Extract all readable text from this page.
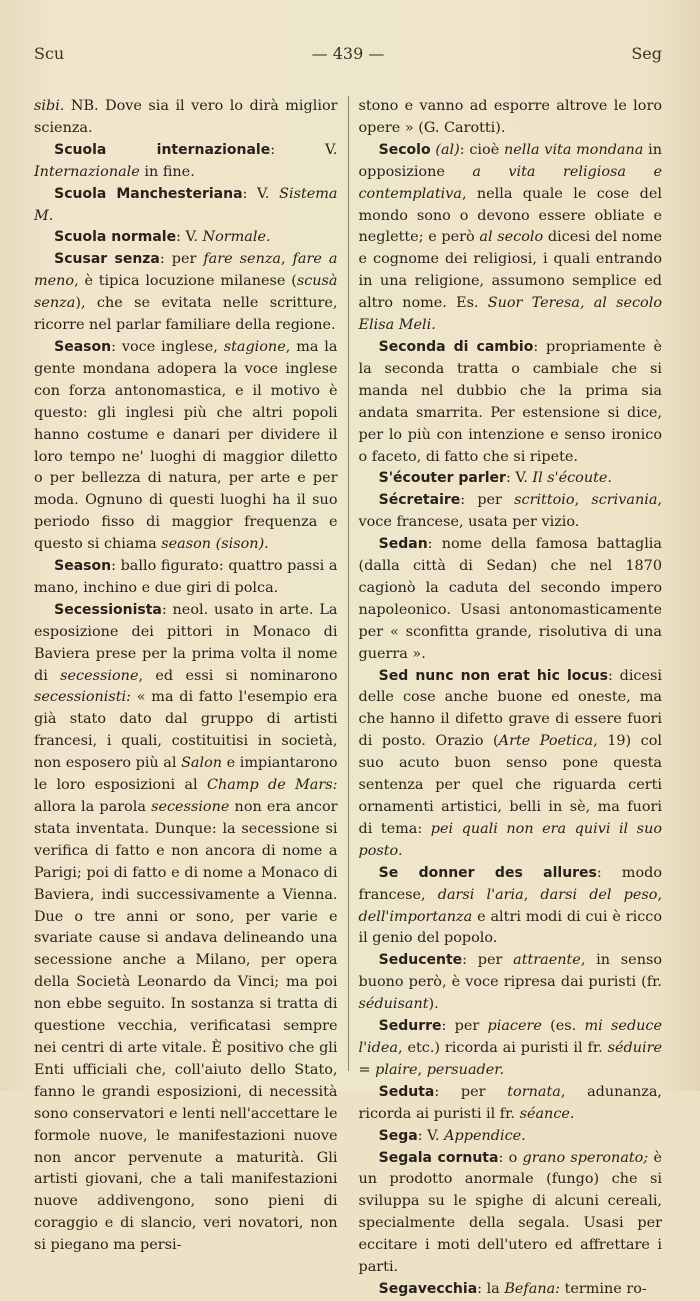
Scu	— 439 —	Seg

sibi. NB. Dove sia il vero lo dirà miglior scienza.

Scuola internazionale: V. Internazionale in fine.

Scuola Manchesteriana: V. Sistema M.

Scuola normale: V. Normale.

Scusar senza: per fare senza, fare a meno, è tipica locuzione milanese (scusà senza), che se evitata nelle scritture, ricorre nel parlar familiare della regione.

Season: voce inglese, stagione, ma la gente mondana adopera la voce inglese con forza antonomastica, e il motivo è questo: gli inglesi più che altri popoli hanno costume e danari per dividere il loro tempo ne' luoghi di maggior diletto o per bellezza di natura, per arte e per moda. Ognuno di questi luoghi ha il suo periodo fisso di maggior frequenza e questo si chiama season (sison).

Season: ballo figurato: quattro passi a mano, inchino e due giri di polca.

Secessionista: neol. usato in arte. La esposizione dei pittori in Monaco di Baviera prese per la prima volta il nome di secessione, ed essi si nominarono secessionisti: « ma di fatto l'esempio era già stato dato dal gruppo di artisti francesi, i quali, costituitisi in società, non esposero più al Salon e impiantarono le loro esposizioni al Champ de Mars: allora la parola secessione non era ancor stata inventata. Dunque: la secessione si verifica di fatto e non ancora di nome a Parigi; poi di fatto e di nome a Monaco di Baviera, indi successivamente a Vienna. Due o tre anni or sono, per varie e svariate cause si andava delineando una secessione anche a Milano, per opera della Società Leonardo da Vinci; ma poi non ebbe seguito. In sostanza si tratta di questione vecchia, verificatasi sempre nei centri di arte vitale. È positivo che gli Enti ufficiali che, coll'aiuto dello Stato, fanno le grandi esposizioni, di necessità sono conservatori e lenti nell'accettare le formole nuove, le manifestazioni nuove non ancor pervenute a maturità. Gli artisti giovani, che a tali manifestazioni nuove addivengono, sono pieni di coraggio e di slancio, veri novatori, non si piegano ma persi-

stono e vanno ad esporre altrove le loro opere » (G. Carotti).

Secolo (al): cioè nella vita mondana in opposizione a vita religiosa e contemplativa, nella quale le cose del mondo sono o devono essere obliate e neglette; e però al secolo dicesi del nome e cognome dei religiosi, i quali entrando in una religione, assumono semplice ed altro nome. Es. Suor Teresa, al secolo Elisa Meli.

Seconda di cambio: propriamente è la seconda tratta o cambiale che si manda nel dubbio che la prima sia andata smarrita. Per estensione si dice, per lo più con intenzione e senso ironico o faceto, di fatto che si ripete.

S'écouter parler: V. Il s'écoute.

Sécretaire: per scrittoio, scrivania, voce francese, usata per vizio.

Sedan: nome della famosa battaglia (dalla città di Sedan) che nel 1870 cagionò la caduta del secondo impero napoleonico. Usasi antonomasticamente per « sconfitta grande, risolutiva di una guerra ».

Sed nunc non erat hic locus: dicesi delle cose anche buone ed oneste, ma che hanno il difetto grave di essere fuori di posto. Orazio (Arte Poetica, 19) col suo acuto buon senso pone questa sentenza per quel che riguarda certi ornamenti artistici, belli in sè, ma fuori di tema: pei quali non era quivi il suo posto.

Se donner des allures: modo francese, darsi l'aria, darsi del peso, dell'importanza e altri modi di cui è ricco il genio del popolo.

Seducente: per attraente, in senso buono però, è voce ripresa dai puristi (fr. séduisant).

Sedurre: per piacere (es. mi seduce l'idea, etc.) ricorda ai puristi il fr. séduire = plaire, persuader.

Seduta: per tornata, adunanza, ricorda ai puristi il fr. séance.

Sega: V. Appendice.

Segala cornuta: o grano speronato; è un prodotto anormale (fungo) che si sviluppa su le spighe di alcuni cereali, specialmente della segala. Usasi per eccitare i moti dell'utero ed affrettare i parti.

Segavecchia: la Befana: termine ro-
